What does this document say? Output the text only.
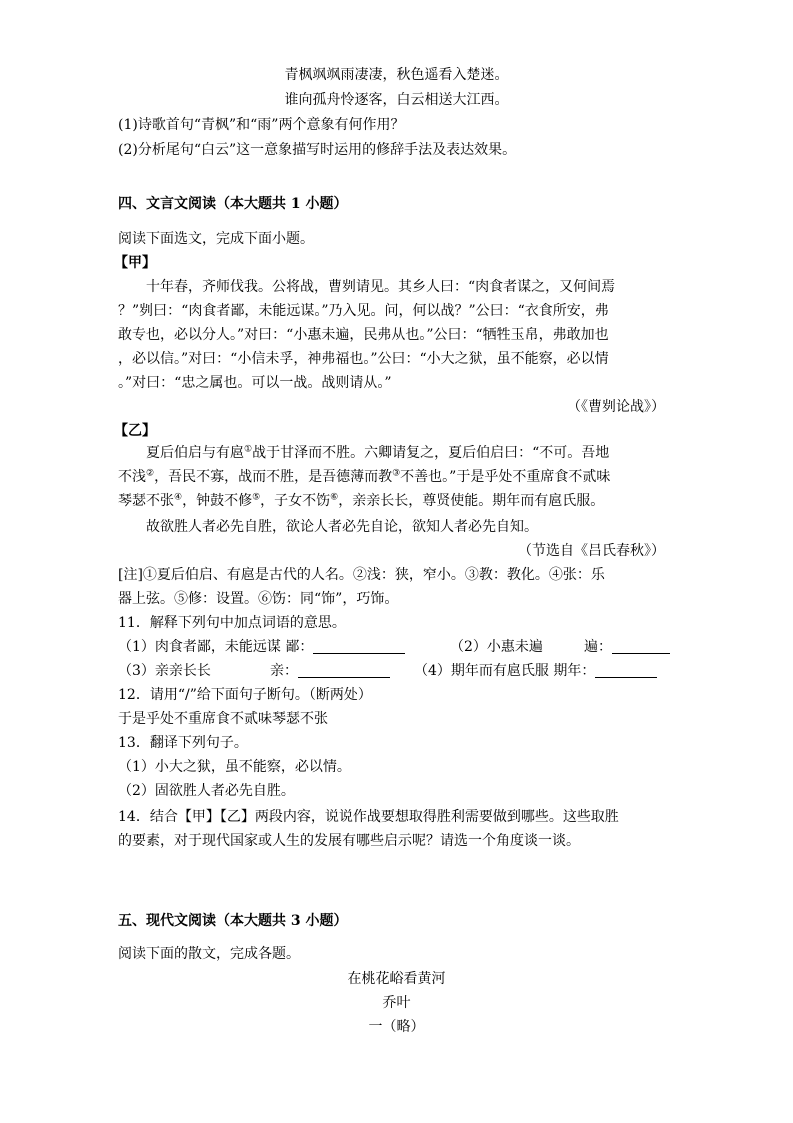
青枫飒飒雨凄凄，秋色遥看入楚迷。
谁向孤舟怜逐客，白云相送大江西。
(1)诗歌首句“青枫”和“雨”两个意象有何作用？
(2)分析尾句“白云”这一意象描写时运用的修辞手法及表达效果。
四、文言文阅读（本大题共 1 小题）
阅读下面选文，完成下面小题。
【甲】
十年春，齐师伐我。公将战，曹刿请见。其乡人曰：“肉食者谋之，又何间焉
？”刿曰：“肉食者鄙，未能远谋。”乃入见。问，何以战？”公曰：“衣食所安，弗
敢专也，必以分人。”对曰：“小惠未遍，民弗从也。”公曰：“牺牲玉帛，弗敢加也
，必以信。”对曰：“小信未孚，神弗福也。”公曰：“小大之狱，虽不能察，必以情
。”对曰：“忠之属也。可以一战。战则请从。”
（《曹刿论战》）
【乙】
夏后伯启与有扈①战于甘泽而不胜。六卿请复之，夏后伯启曰：“不可。吾地
不浅②，吾民不寡，战而不胜，是吾德薄而教③不善也。”于是乎处不重席食不贰味
琴瑟不张④，钟鼓不修⑤，子女不饬⑥，亲亲长长，尊贤使能。期年而有扈氏服。
故欲胜人者必先自胜，欲论人者必先自论，欲知人者必先自知。
（节选自《吕氏春秋》）
[注]①夏后伯启、有扈是古代的人名。②浅：狭，窄小。③教：教化。④张：乐
器上弦。⑤修：设置。⑥饬：同“饰”，巧饰。
11．解释下列句中加点词语的意思。
（1）肉食者鄙，未能远谋 鄙：	（2）小惠未遍	遍：
（3）亲亲长长	亲：	（4）期年而有扈氏服 期年：
12．请用“/”给下面句子断句。（断两处）
于是乎处不重席食不贰味琴瑟不张
13．翻译下列句子。
（1）小大之狱，虽不能察，必以情。
（2）固欲胜人者必先自胜。
14．结合【甲】【乙】两段内容，说说作战要想取得胜利需要做到哪些。这些取胜
的要素，对于现代国家或人生的发展有哪些启示呢？请选一个角度谈一谈。
五、现代文阅读（本大题共 3 小题）
阅读下面的散文，完成各题。
在桃花峪看黄河
乔叶
一（略）
